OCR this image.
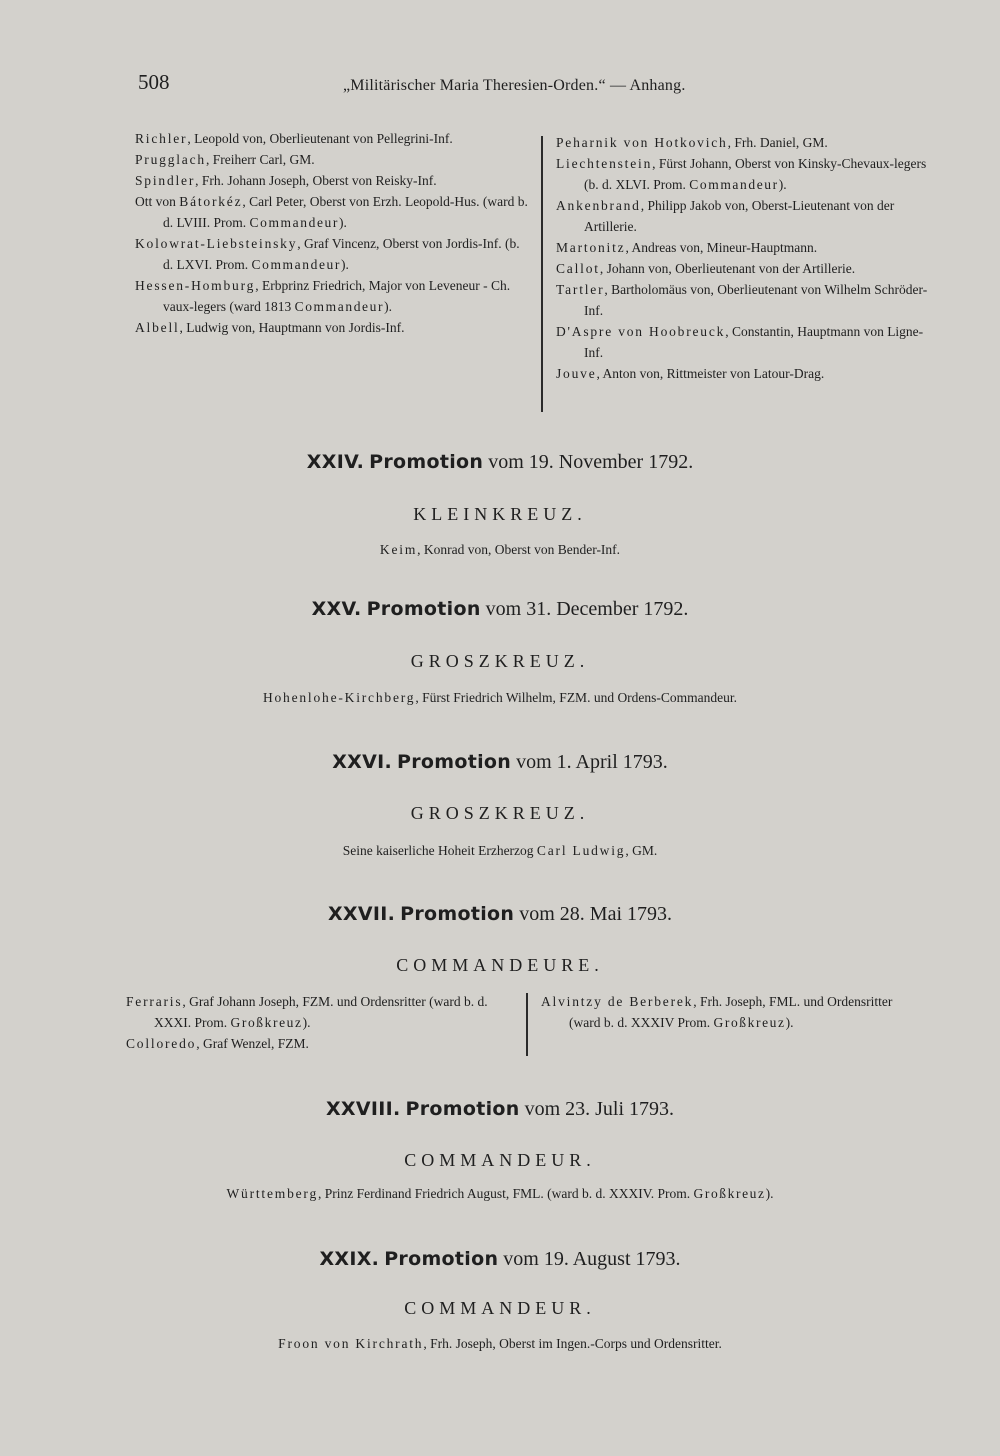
508	„Militärischer Maria Theresien-Orden.“ — Anhang.

Richler, Leopold von, Oberlieutenant von Pellegrini-Inf.

Prugglach, Freiherr Carl, GM.

Spindler, Frh. Johann Joseph, Oberst von Reisky-Inf.

Ott von Bátorkéz, Carl Peter, Oberst von Erzh. Leopold-Hus. (ward b. d. LVIII. Prom. Commandeur).

Kolowrat-Liebsteinsky, Graf Vincenz, Oberst von Jordis-Inf. (b. d. LXVI. Prom. Commandeur).

Hessen-Homburg, Erbprinz Friedrich, Major von Leveneur - Ch. vaux-legers (ward 1813 Commandeur).

Albell, Ludwig von, Hauptmann von Jordis-Inf.

Peharnik von Hotkovich, Frh. Daniel, GM.

Liechtenstein, Fürst Johann, Oberst von Kinsky-Chevaux-legers (b. d. XLVI. Prom. Commandeur).

Ankenbrand, Philipp Jakob von, Oberst-Lieutenant von der Artillerie.

Martonitz, Andreas von, Mineur-Hauptmann.

Callot, Johann von, Oberlieutenant von der Artillerie.

Tartler, Bartholomäus von, Oberlieutenant von Wilhelm Schröder-Inf.

D'Aspre von Hoobreuck, Constantin, Hauptmann von Ligne-Inf.

Jouve, Anton von, Rittmeister von Latour-Drag.

XXIV. Promotion vom 19. November 1792.
KLEINKREUZ.
Keim, Konrad von, Oberst von Bender-Inf.
XXV. Promotion vom 31. December 1792.
GROSZKREUZ.
Hohenlohe-Kirchberg, Fürst Friedrich Wilhelm, FZM. und Ordens-Commandeur.
XXVI. Promotion vom 1. April 1793.
GROSZKREUZ.
Seine kaiserliche Hoheit Erzherzog Carl Ludwig, GM.
XXVII. Promotion vom 28. Mai 1793.
COMMANDEURE.

Ferraris, Graf Johann Joseph, FZM. und Ordensritter (ward b. d. XXXI. Prom. Großkreuz).

Colloredo, Graf Wenzel, FZM.

Alvintzy de Berberek, Frh. Joseph, FML. und Ordensritter (ward b. d. XXXIV Prom. Großkreuz).

XXVIII. Promotion vom 23. Juli 1793.
COMMANDEUR.
Württemberg, Prinz Ferdinand Friedrich August, FML. (ward b. d. XXXIV. Prom. Großkreuz).
XXIX. Promotion vom 19. August 1793.
COMMANDEUR.
Froon von Kirchrath, Frh. Joseph, Oberst im Ingen.-Corps und Ordensritter.
